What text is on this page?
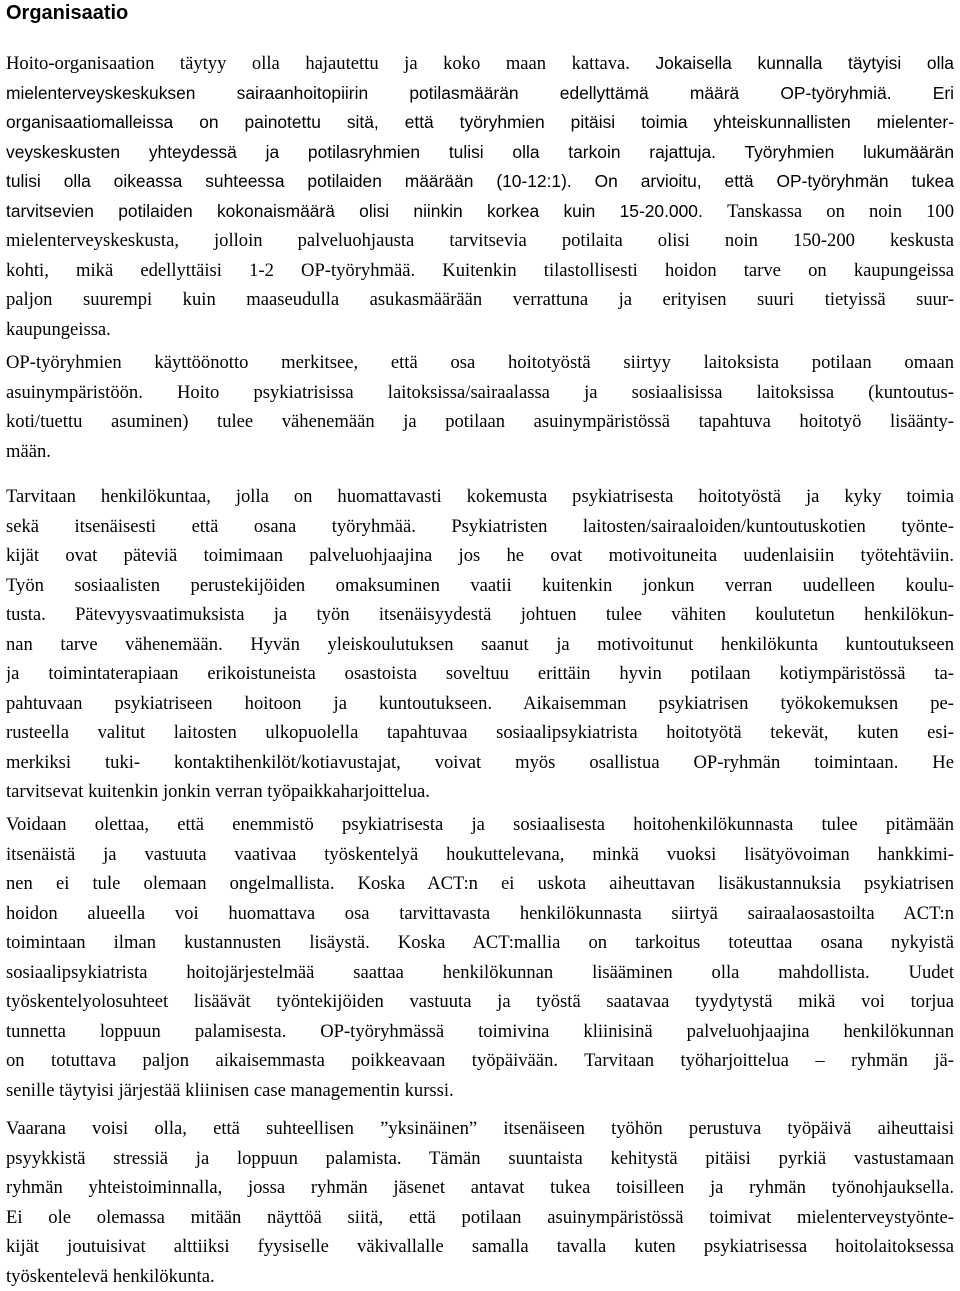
Organisaatio
Hoito-organisaation täytyy olla hajautettu ja koko maan kattava. Jokaisella kunnalla täytyisi olla
mielenterveyskeskuksen sairaanhoitopiirin potilasmäärän edellyttämä määrä OP-työryhmiä. Eri
organisaatiomalleissa on painotettu sitä, että työryhmien pitäisi toimia yhteiskunnallisten mielenter-
veyskeskusten yhteydessä ja potilasryhmien tulisi olla tarkoin rajattuja. Työryhmien lukumäärän
tulisi olla oikeassa suhteessa potilaiden määrään (10-12:1). On arvioitu, että OP-työryhmän tukea
tarvitsevien potilaiden kokonaismäärä olisi niinkin korkea kuin 15-20.000. Tanskassa on noin 100
mielenterveyskeskusta, jolloin palveluohjausta tarvitsevia potilaita olisi noin 150-200 keskusta
kohti, mikä edellyttäisi 1-2 OP-työryhmää. Kuitenkin tilastollisesti hoidon tarve on kaupungeissa
paljon suurempi kuin maaseudulla asukasmäärään verrattuna ja erityisen suuri tietyissä suur-
kaupungeissa.
OP-työryhmien käyttöönotto merkitsee, että osa hoitotyöstä siirtyy laitoksista potilaan omaan
asuinympäristöön. Hoito psykiatrisissa laitoksissa/sairaalassa ja sosiaalisissa laitoksissa (kuntoutus-
koti/tuettu asuminen) tulee vähenemään ja potilaan asuinympäristössä tapahtuva hoitotyö lisäänty-
mään.
Tarvitaan henkilökuntaa, jolla on huomattavasti kokemusta psykiatrisesta hoitotyöstä ja kyky toimia
sekä itsenäisesti että osana työryhmää. Psykiatristen laitosten/sairaaloiden/kuntoutuskotien työnte-
kijät ovat päteviä toimimaan palveluohjaajina jos he ovat motivoituneita uudenlaisiin työtehtäviin.
Työn sosiaalisten perustekijöiden omaksuminen vaatii kuitenkin jonkun verran uudelleen koulu-
tusta. Pätevyysvaatimuksista ja työn itsenäisyydestä johtuen tulee vähiten koulutetun henkilökun-
nan tarve vähenemään. Hyvän yleiskoulutuksen saanut ja motivoitunut henkilökunta kuntoutukseen
ja toimintaterapiaan erikoistuneista osastoista soveltuu erittäin hyvin potilaan kotiympäristössä ta-
pahtuvaan psykiatriseen hoitoon ja kuntoutukseen. Aikaisemman psykiatrisen työkokemuksen pe-
rusteella valitut laitosten ulkopuolella tapahtuvaa sosiaalipsykiatrista hoitotyötä tekevät, kuten esi-
merkiksi tuki- kontaktihenkilöt/kotiavustajat, voivat myös osallistua OP-ryhmän toimintaan. He
tarvitsevat kuitenkin jonkin verran työpaikkaharjoittelua.
Voidaan olettaa, että enemmistö psykiatrisesta ja sosiaalisesta hoitohenkilökunnasta tulee pitämään
itsenäistä ja vastuuta vaativaa työskentelyä houkuttelevana, minkä vuoksi lisätyövoiman hankkimi-
nen ei tule olemaan ongelmallista. Koska ACT:n ei uskota aiheuttavan lisäkustannuksia psykiatrisen
hoidon alueella voi huomattava osa tarvittavasta henkilökunnasta siirtyä sairaalaosastoilta ACT:n
toimintaan ilman kustannusten lisäystä. Koska ACT:mallia on tarkoitus toteuttaa osana nykyistä
sosiaalipsykiatrista hoitojärjestelmää saattaa henkilökunnan lisääminen olla mahdollista. Uudet
työskentelyolosuhteet lisäävät työntekijöiden vastuuta ja työstä saatavaa tyydytystä mikä voi torjua
tunnetta loppuun palamisesta. OP-työryhmässä toimivina kliinisinä palveluohjaajina henkilökunnan
on totuttava paljon aikaisemmasta poikkeavaan työpäivään. Tarvitaan työharjoittelua – ryhmän jä-
senille täytyisi järjestää kliinisen case managementin kurssi.
Vaarana voisi olla, että suhteellisen ”yksinäinen” itsenäiseen työhön perustuva työpäivä aiheuttaisi
psyykkistä stressiä ja loppuun palamista. Tämän suuntaista kehitystä pitäisi pyrkiä vastustamaan
ryhmän yhteistoiminnalla, jossa ryhmän jäsenet antavat tukea toisilleen ja ryhmän työnohjauksella.
Ei ole olemassa mitään näyttöä siitä, että potilaan asuinympäristössä toimivat mielenterveystyönte-
kijät joutuisivat alttiiksi fyysiselle väkivallalle samalla tavalla kuten psykiatrisessa hoitolaitoksessa
työskentelevä henkilökunta.
